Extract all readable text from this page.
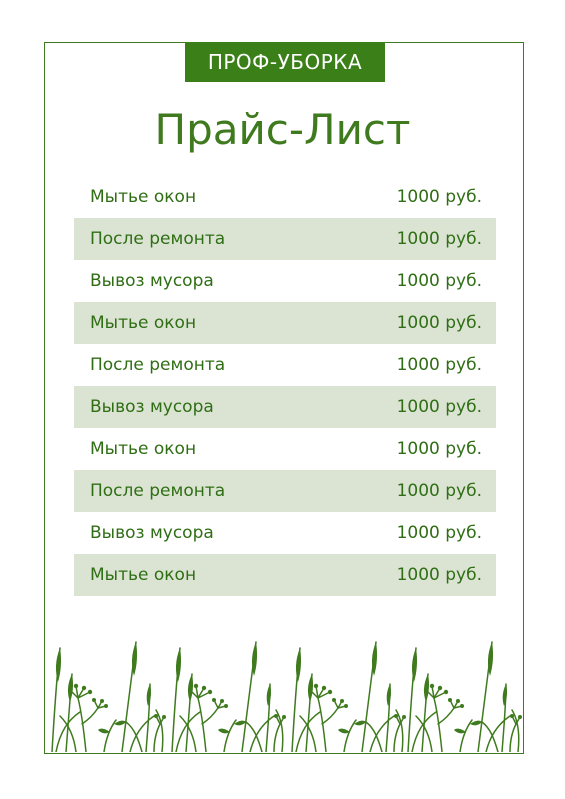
ПРОФ-УБОРКА
Прайс-Лист
Мытье окон	1000 руб.
После ремонта	1000 руб.
Вывоз мусора	1000 руб.
Мытье окон	1000 руб.
После ремонта	1000 руб.
Вывоз мусора	1000 руб.
Мытье окон	1000 руб.
После ремонта	1000 руб.
Вывоз мусора	1000 руб.
Мытье окон	1000 руб.
